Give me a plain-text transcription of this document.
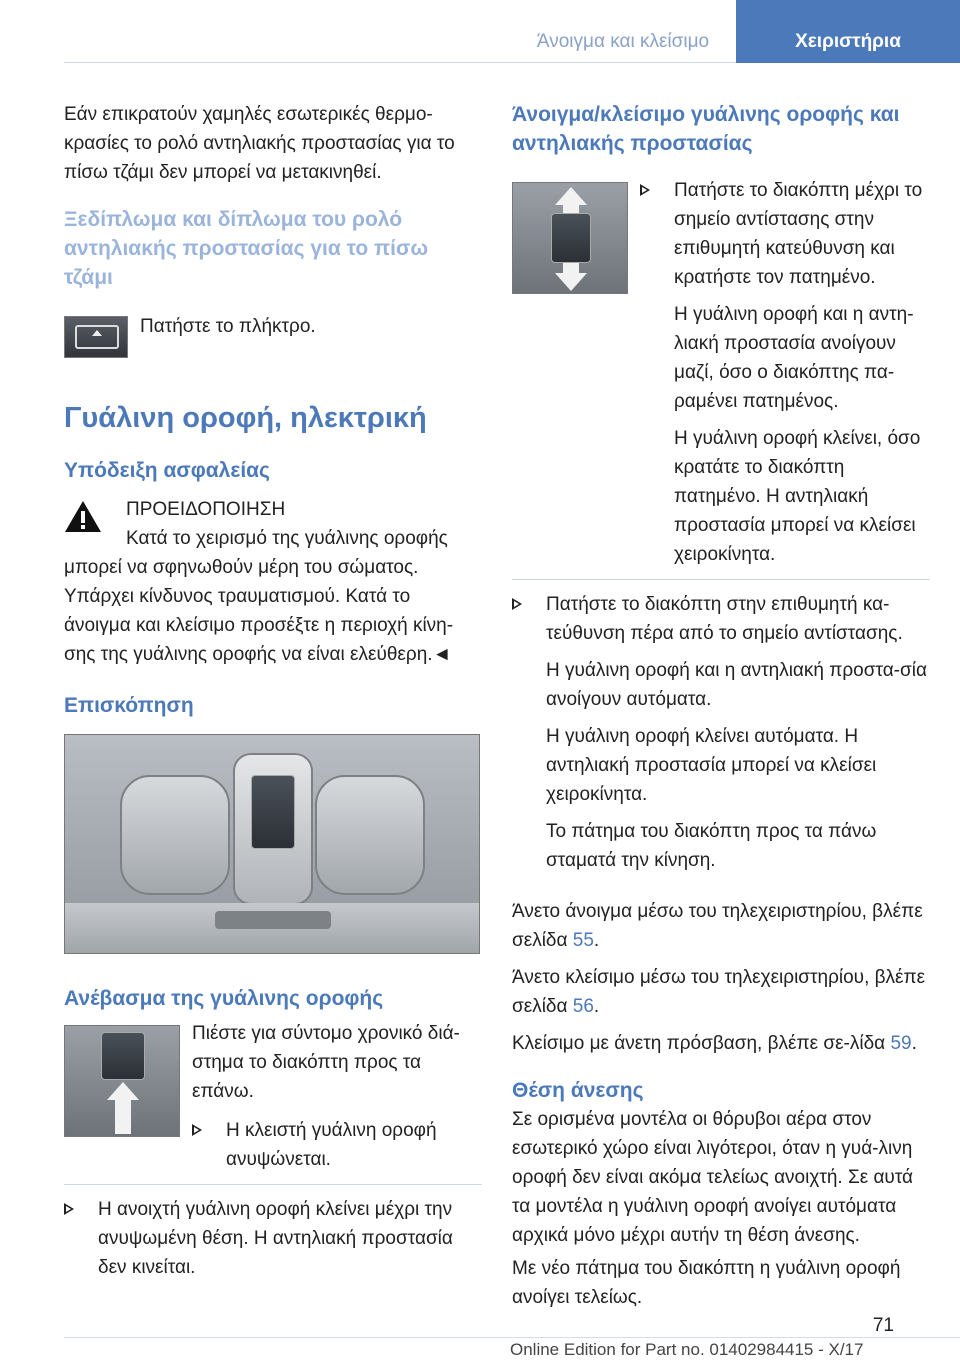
Άνοιγμα και κλείσιμο	Χειριστήρια

Εάν επικρατούν χαμηλές εσωτερικές θερμο-κρασίες το ρολό αντηλιακής προστασίας για το πίσω τζάμι δεν μπορεί να μετακινηθεί.

Ξεδίπλωμα και δίπλωμα του ρολό αντηλιακής προστασίας για το πίσω τζάμι

Πατήστε το πλήκτρο.

Γυάλινη οροφή, ηλεκτρική
Υπόδειξη ασφαλείας

ΠΡΟΕΙΔΟΠΟΙΗΣΗ

Κατά το χειρισμό της γυάλινης οροφής μπορεί να σφηνωθούν μέρη του σώματος. Υπάρχει κίνδυνος τραυματισμού. Κατά το άνοιγμα και κλείσιμο προσέξτε η περιοχή κίνη-σης της γυάλινης οροφής να είναι ελεύθερη.◄

Επισκόπηση
Ανέβασμα της γυάλινης οροφής

Πιέστε για σύντομο χρονικό διά-στημα το διακόπτη προς τα επάνω.

Η κλειστή γυάλινη οροφή ανυψώνεται.

Η ανοιχτή γυάλινη οροφή κλείνει μέχρι την ανυψωμένη θέση. Η αντηλιακή προστασία δεν κινείται.

Άνοιγμα/κλείσιμο γυάλινης οροφής και αντηλιακής προστασίας

Πατήστε το διακόπτη μέχρι το σημείο αντίστασης στην επιθυμητή κατεύθυνση και κρατήστε τον πατημένο.

Η γυάλινη οροφή και η αντη-λιακή προστασία ανοίγουν μαζί, όσο ο διακόπτης πα-ραμένει πατημένος.

Η γυάλινη οροφή κλείνει, όσο κρατάτε το διακόπτη πατημένο. Η αντηλιακή προστασία μπορεί να κλείσει χειροκίνητα.

Πατήστε το διακόπτη στην επιθυμητή κα-τεύθυνση πέρα από το σημείο αντίστασης.

Η γυάλινη οροφή και η αντηλιακή προστα-σία ανοίγουν αυτόματα.

Η γυάλινη οροφή κλείνει αυτόματα. Η αντηλιακή προστασία μπορεί να κλείσει χειροκίνητα.

Το πάτημα του διακόπτη προς τα πάνω σταματά την κίνηση.

Άνετο άνοιγμα μέσω του τηλεχειριστηρίου, βλέπε σελίδα 55.

Άνετο κλείσιμο μέσω του τηλεχειριστηρίου, βλέπε σελίδα 56.

Κλείσιμο με άνετη πρόσβαση, βλέπε σε-λίδα 59.

Θέση άνεσης

Σε ορισμένα μοντέλα οι θόρυβοι αέρα στον εσωτερικό χώρο είναι λιγότεροι, όταν η γυά-λινη οροφή δεν είναι ακόμα τελείως ανοιχτή. Σε αυτά τα μοντέλα η γυάλινη οροφή ανοίγει αυτόματα αρχικά μόνο μέχρι αυτήν τη θέση άνεσης.

Με νέο πάτημα του διακόπτη η γυάλινη οροφή ανοίγει τελείως.

71
Online Edition for Part no. 01402984415 - X/17
